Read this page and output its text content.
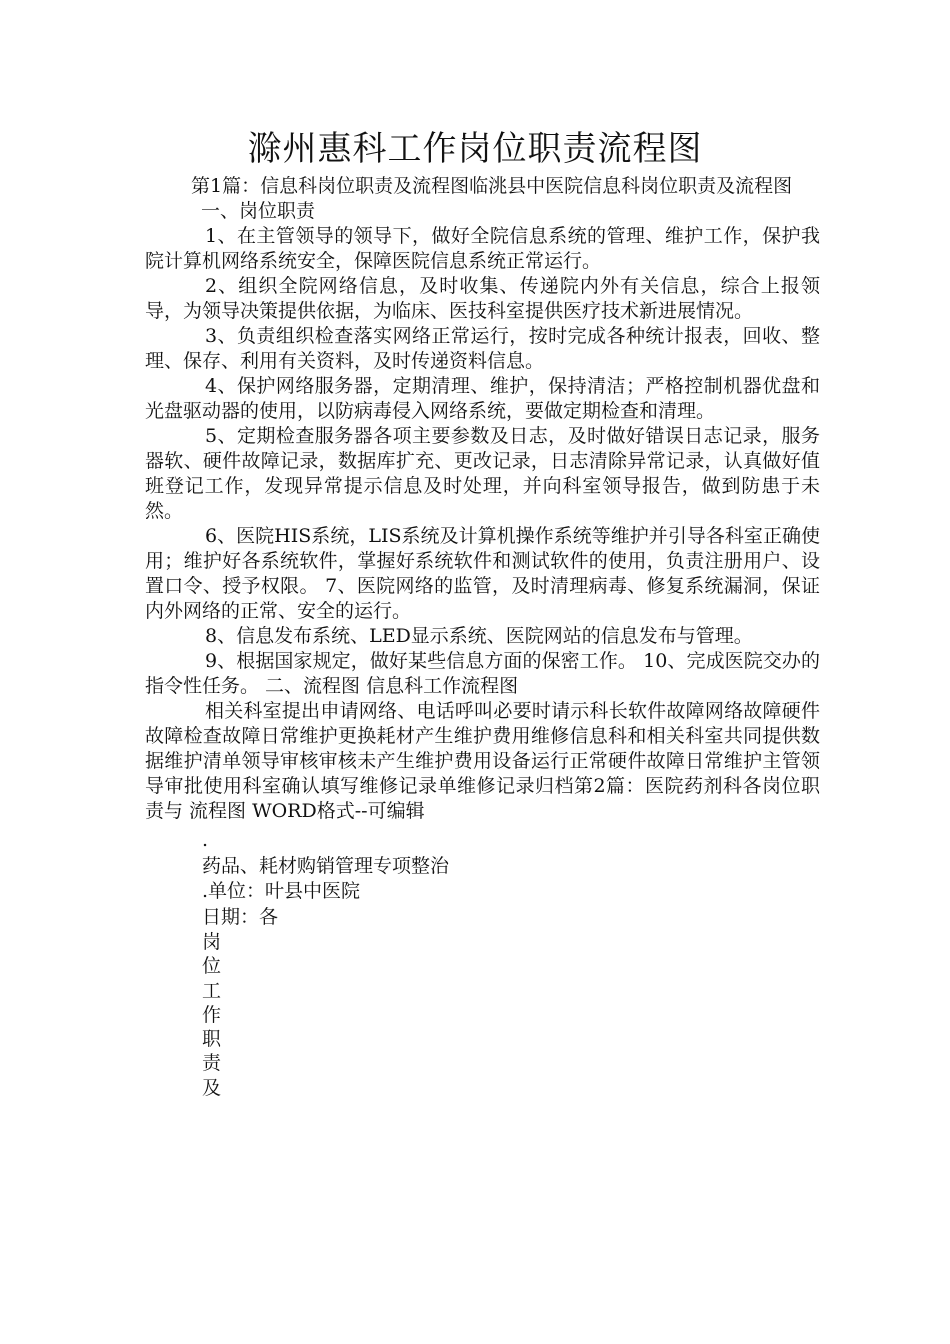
滁州惠科工作岗位职责流程图

第1篇：信息科岗位职责及流程图临洮县中医院信息科岗位职责及流程图

一、岗位职责

1、在主管领导的领导下，做好全院信息系统的管理、维护工作，保护我院计算机网络系统安全，保障医院信息系统正常运行。

2、组织全院网络信息，及时收集、传递院内外有关信息，综合上报领导，为领导决策提供依据，为临床、医技科室提供医疗技术新进展情况。

3、负责组织检查落实网络正常运行，按时完成各种统计报表，回收、整理、保存、利用有关资料，及时传递资料信息。

4、保护网络服务器，定期清理、维护，保持清洁；严格控制机器优盘和光盘驱动器的使用，以防病毒侵入网络系统，要做定期检查和清理。

5、定期检查服务器各项主要参数及日志，及时做好错误日志记录，服务器软、硬件故障记录，数据库扩充、更改记录，日志清除异常记录，认真做好值班登记工作，发现异常提示信息及时处理，并向科室领导报告，做到防患于未然。

6、医院HIS系统，LIS系统及计算机操作系统等维护并引导各科室正确使用；维护好各系统软件，掌握好系统软件和测试软件的使用，负责注册用户、设置口令、授予权限。 7、医院网络的监管，及时清理病毒、修复系统漏洞，保证内外网络的正常、安全的运行。

8、信息发布系统、LED显示系统、医院网站的信息发布与管理。

9、根据国家规定，做好某些信息方面的保密工作。 10、完成医院交办的指令性任务。 二、流程图 信息科工作流程图

相关科室提出申请网络、电话呼叫必要时请示科长软件故障网络故障硬件故障检查故障日常维护更换耗材产生维护费用维修信息科和相关科室共同提供数据维护清单领导审核审核未产生维护费用设备运行正常硬件故障日常维护主管领导审批使用科室确认填写维修记录单维修记录归档第2篇：医院药剂科各岗位职责与 流程图 WORD格式--可编辑

.

药品、耗材购销管理专项整治

.单位：叶县中医院

日期：各

岗

位

工

作

职

责

及
